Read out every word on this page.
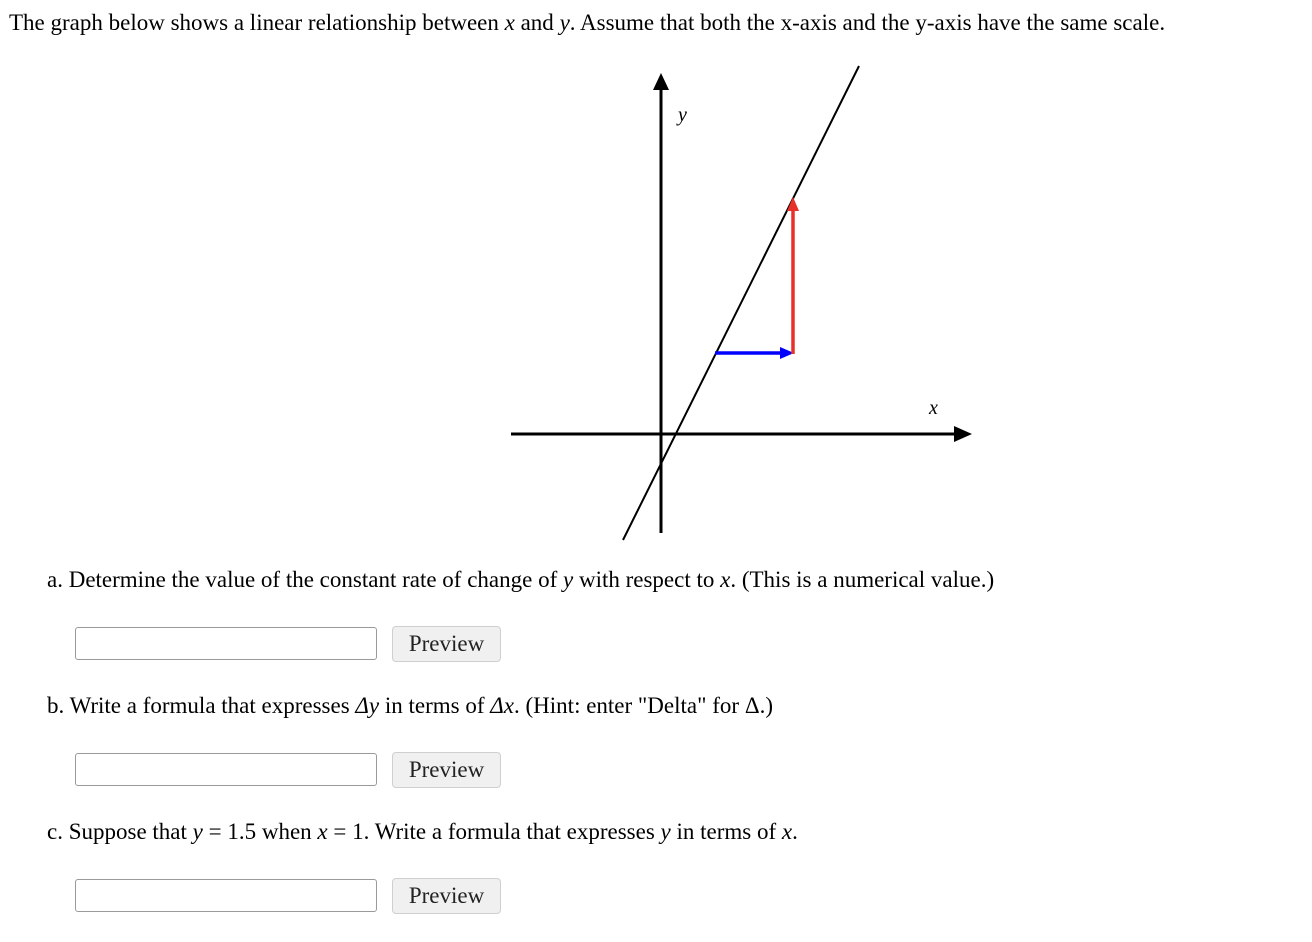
The graph below shows a linear relationship between x and y. Assume that both the x-axis and the y-axis have the same scale.
y
x
a. Determine the value of the constant rate of change of y with respect to x. (This is a numerical value.)
Preview
b. Write a formula that expresses Δy in terms of Δx. (Hint: enter "Delta" for Δ.)
Preview
c. Suppose that y = 1.5 when x = 1. Write a formula that expresses y in terms of x.
Preview
